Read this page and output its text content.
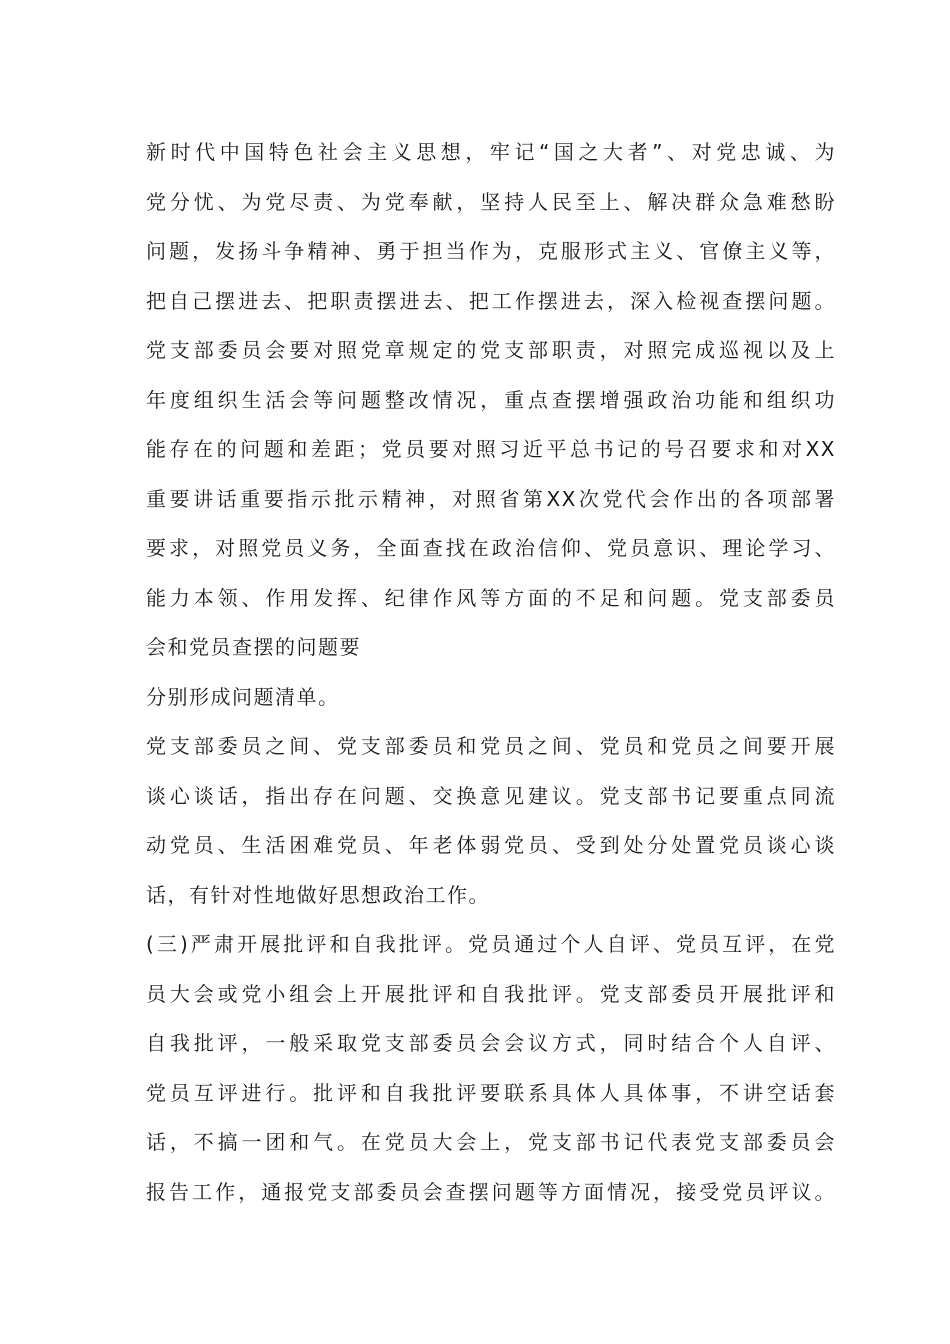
新时代中国特色社会主义思想，牢记“国之大者”、对党忠诚、为
党分忧、为党尽责、为党奉献，坚持人民至上、解决群众急难愁盼
问题，发扬斗争精神、勇于担当作为，克服形式主义、官僚主义等，
把自己摆进去、把职责摆进去、把工作摆进去，深入检视查摆问题。
党支部委员会要对照党章规定的党支部职责，对照完成巡视以及上
年度组织生活会等问题整改情况，重点查摆增强政治功能和组织功
能存在的问题和差距；党员要对照习近平总书记的号召要求和对XX
重要讲话重要指示批示精神，对照省第XX次党代会作出的各项部署
要求，对照党员义务，全面查找在政治信仰、党员意识、理论学习、
能力本领、作用发挥、纪律作风等方面的不足和问题。党支部委员
会和党员查摆的问题要
分别形成问题清单。
党支部委员之间、党支部委员和党员之间、党员和党员之间要开展
谈心谈话，指出存在问题、交换意见建议。党支部书记要重点同流
动党员、生活困难党员、年老体弱党员、受到处分处置党员谈心谈
话，有针对性地做好思想政治工作。
(三)严肃开展批评和自我批评。党员通过个人自评、党员互评，在党
员大会或党小组会上开展批评和自我批评。党支部委员开展批评和
自我批评，一般采取党支部委员会会议方式，同时结合个人自评、
党员互评进行。批评和自我批评要联系具体人具体事，不讲空话套
话，不搞一团和气。在党员大会上，党支部书记代表党支部委员会
报告工作，通报党支部委员会查摆问题等方面情况，接受党员评议。
